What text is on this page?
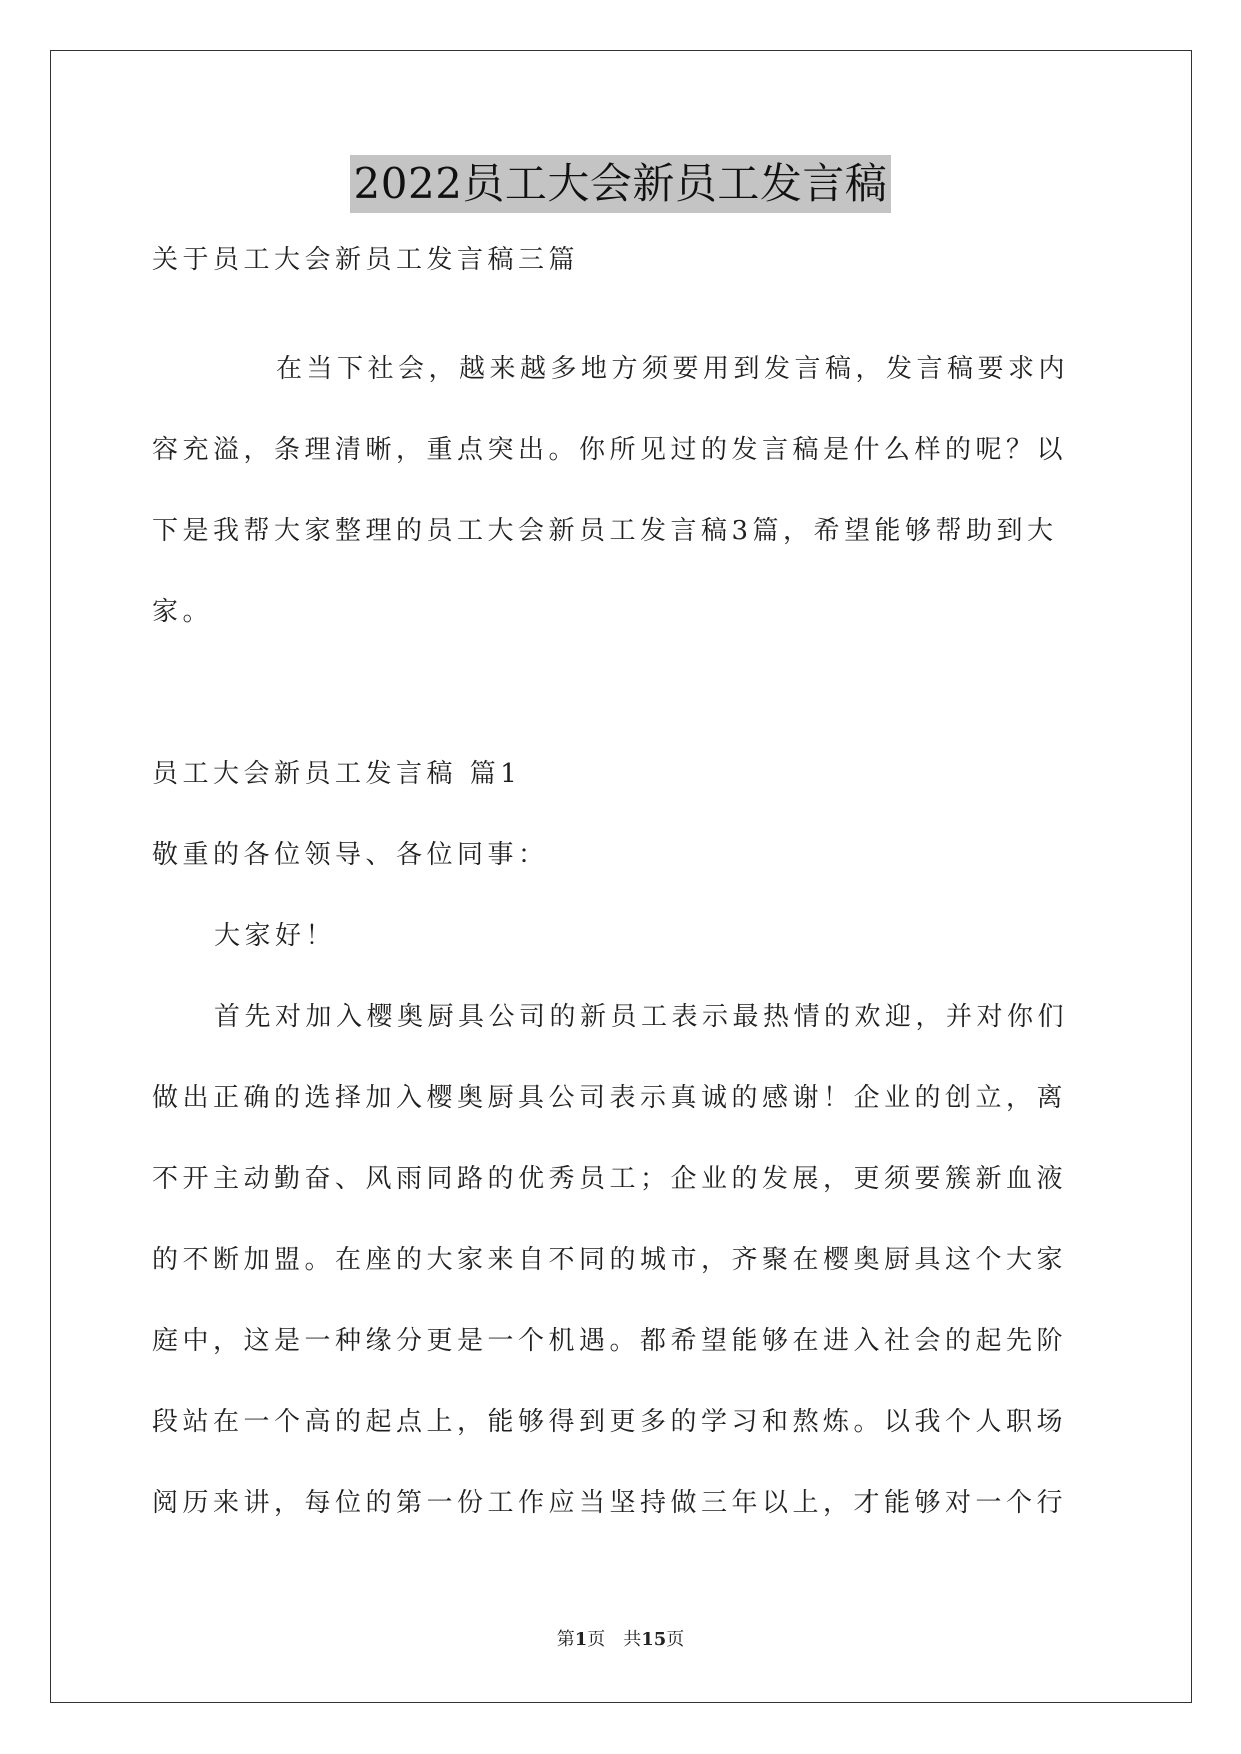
2022员工大会新员工发言稿

关于员工大会新员工发言稿三篇

在当下社会，越来越多地方须要用到发言稿，发言稿要求内

容充溢，条理清晰，重点突出。你所见过的发言稿是什么样的呢？以

下是我帮大家整理的员工大会新员工发言稿3篇，希望能够帮助到大

家。

员工大会新员工发言稿 篇1

敬重的各位领导、各位同事：

大家好！

首先对加入樱奥厨具公司的新员工表示最热情的欢迎，并对你们

做出正确的选择加入樱奥厨具公司表示真诚的感谢！企业的创立，离

不开主动勤奋、风雨同路的优秀员工；企业的发展，更须要簇新血液

的不断加盟。在座的大家来自不同的城市，齐聚在樱奥厨具这个大家

庭中，这是一种缘分更是一个机遇。都希望能够在进入社会的起先阶

段站在一个高的起点上，能够得到更多的学习和熬炼。以我个人职场

阅历来讲，每位的第一份工作应当坚持做三年以上，才能够对一个行

第1页 共15页
